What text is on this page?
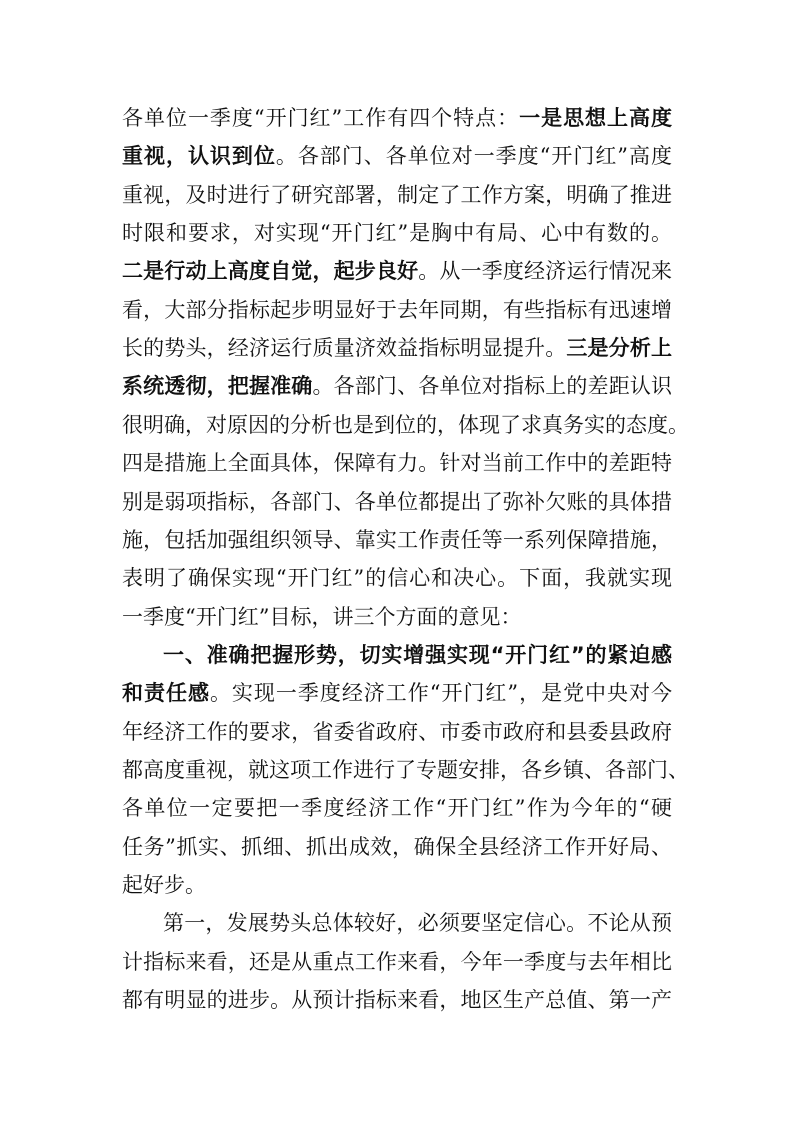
各单位一季度“开门红”工作有四个特点：一是思想上高度
重视，认识到位。各部门、各单位对一季度“开门红”高度
重视，及时进行了研究部署，制定了工作方案，明确了推进
时限和要求，对实现“开门红”是胸中有局、心中有数的。
二是行动上高度自觉，起步良好。从一季度经济运行情况来
看，大部分指标起步明显好于去年同期，有些指标有迅速增
长的势头，经济运行质量济效益指标明显提升。三是分析上
系统透彻，把握准确。各部门、各单位对指标上的差距认识
很明确，对原因的分析也是到位的，体现了求真务实的态度。
四是措施上全面具体，保障有力。针对当前工作中的差距特
别是弱项指标，各部门、各单位都提出了弥补欠账的具体措
施，包括加强组织领导、靠实工作责任等一系列保障措施，
表明了确保实现“开门红”的信心和决心。下面，我就实现
一季度“开门红”目标，讲三个方面的意见：
一、准确把握形势，切实增强实现“开门红”的紧迫感
和责任感。实现一季度经济工作“开门红”，是党中央对今
年经济工作的要求，省委省政府、市委市政府和县委县政府
都高度重视，就这项工作进行了专题安排，各乡镇、各部门、
各单位一定要把一季度经济工作“开门红”作为今年的“硬
任务”抓实、抓细、抓出成效，确保全县经济工作开好局、
起好步。
第一，发展势头总体较好，必须要坚定信心。不论从预
计指标来看，还是从重点工作来看，今年一季度与去年相比
都有明显的进步。从预计指标来看，地区生产总值、第一产
